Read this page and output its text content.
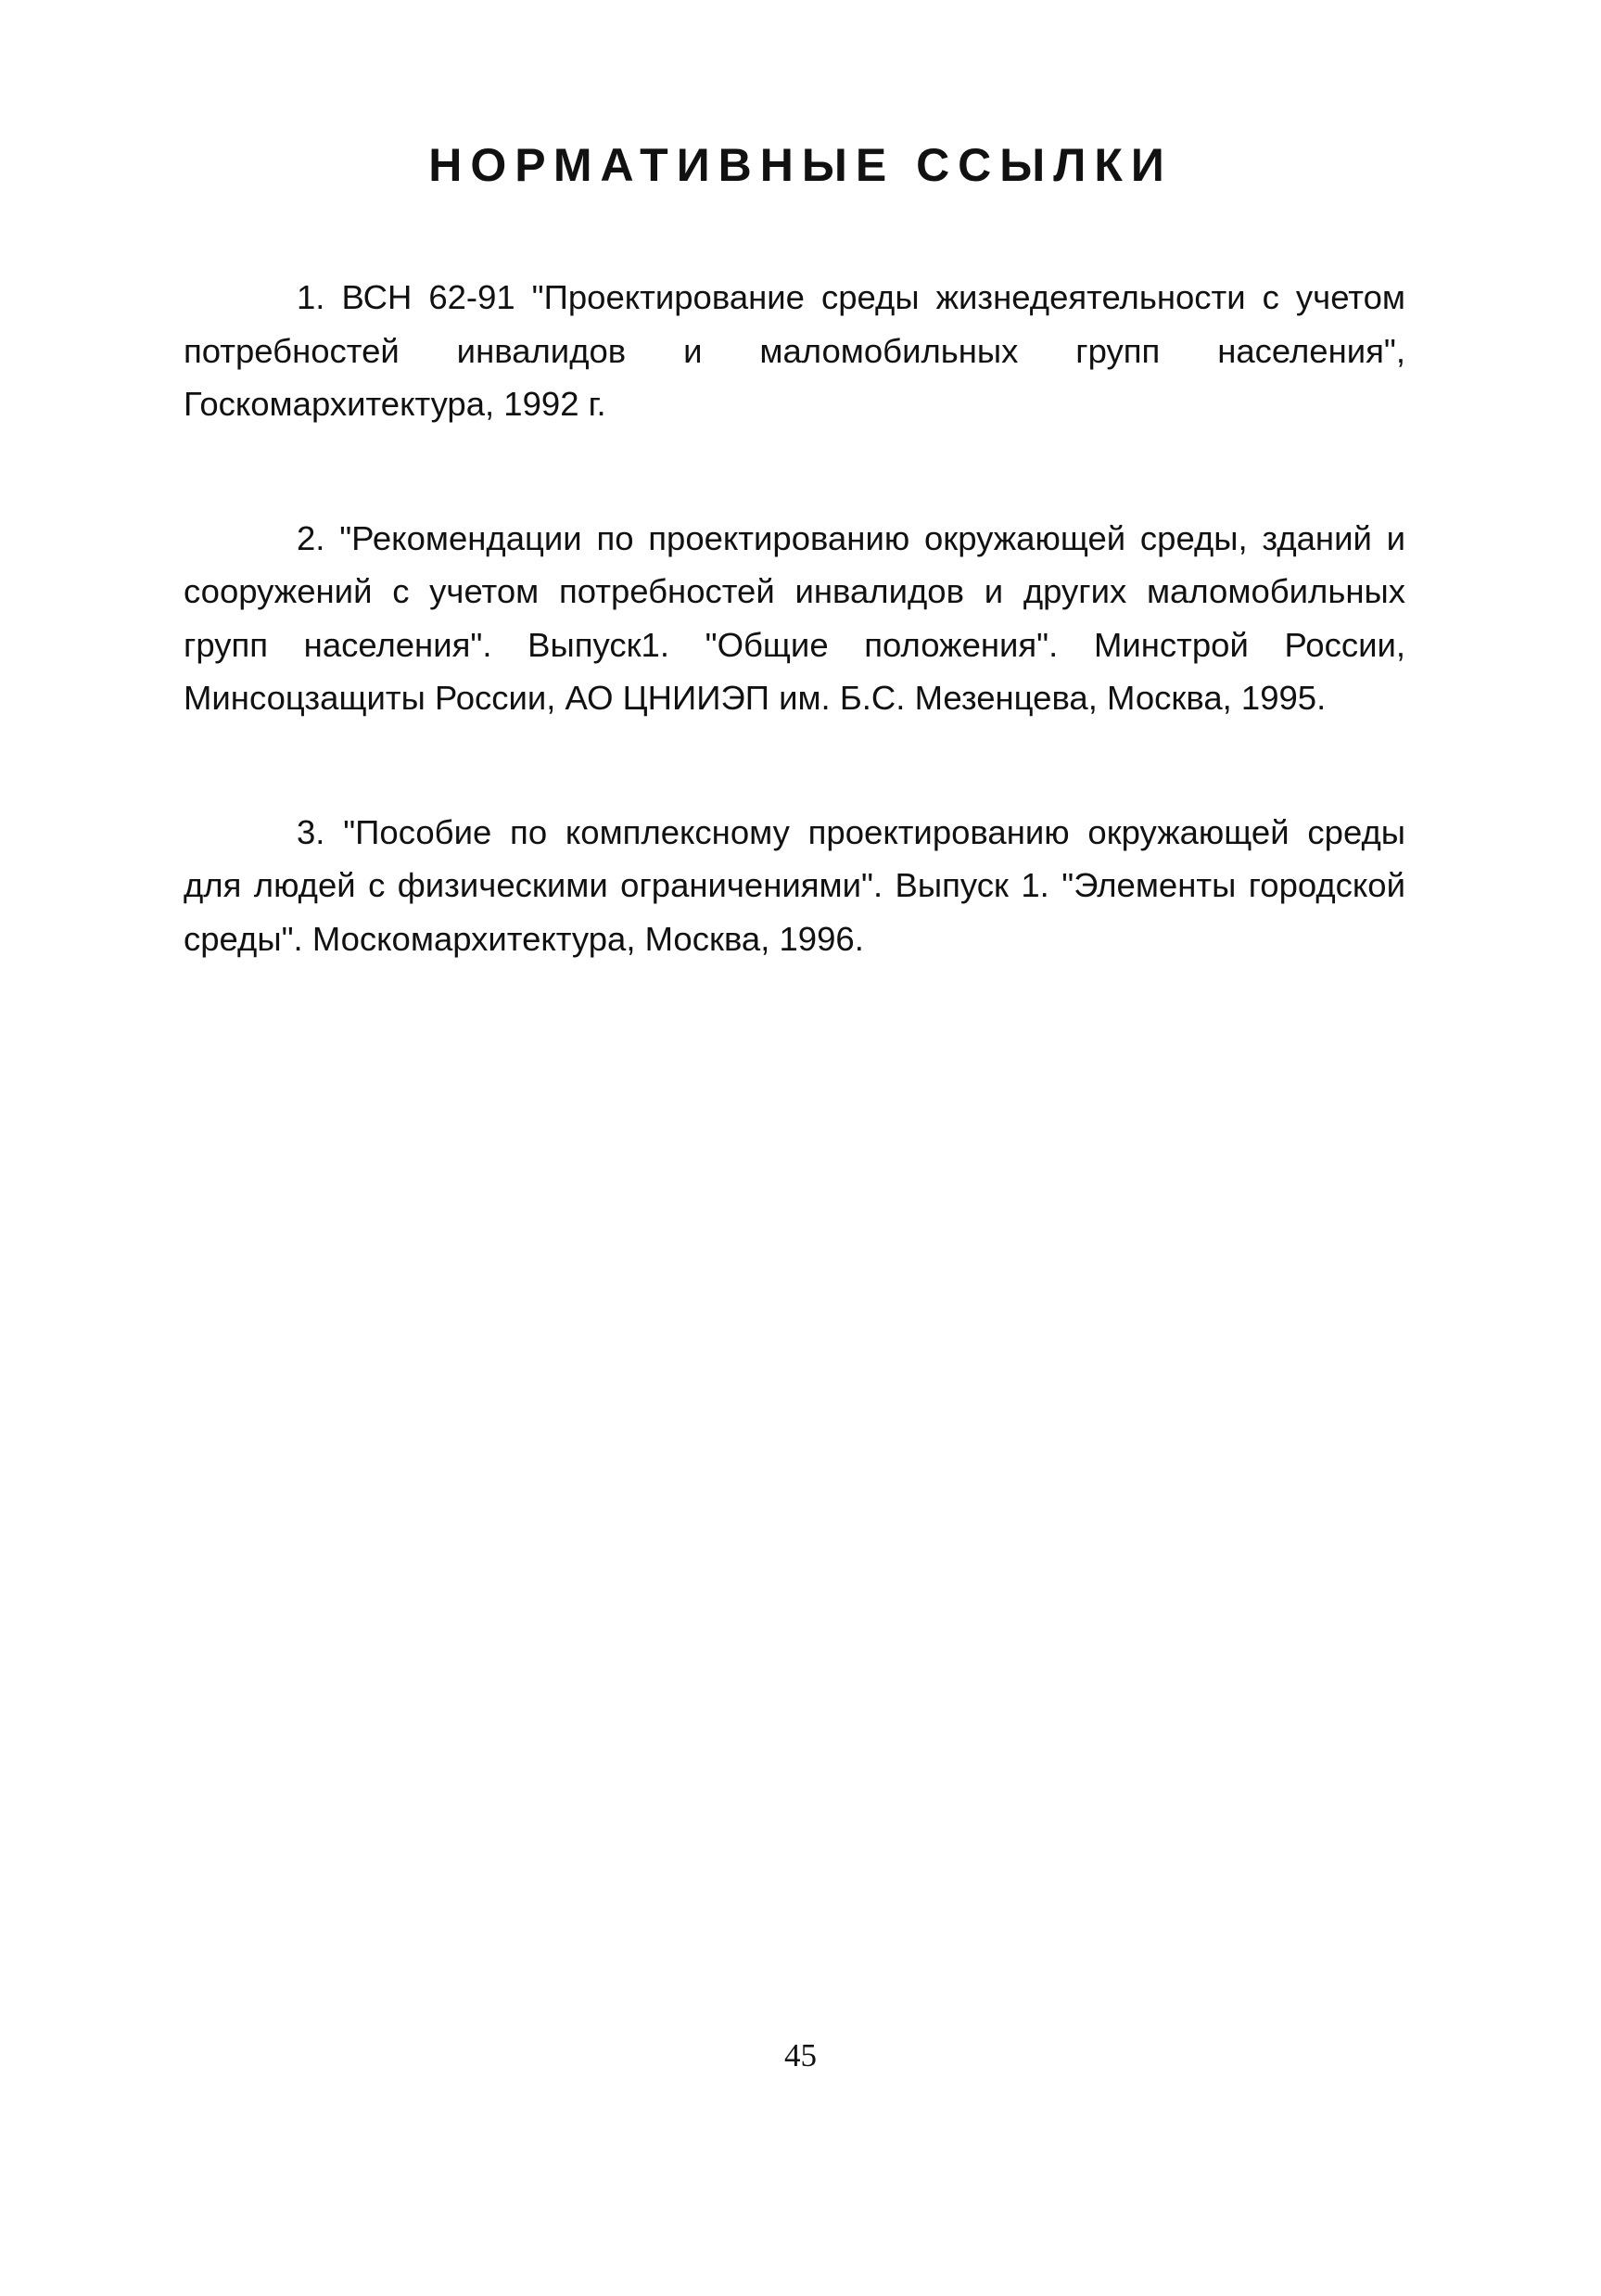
НОРМАТИВНЫЕ ССЫЛКИ

1. ВСН 62-91 "Проектирование среды жизнедеятельности с учетом потребностей инвалидов и маломобильных групп населения", Госкомархитектура, 1992 г.

2. "Рекомендации по проектированию окружающей среды, зданий и сооружений с учетом потребностей инвалидов и других маломобильных групп населения". Выпуск1. "Общие положения". Минстрой России, Минсоцзащиты России, АО ЦНИИЭП им. Б.С. Мезенцева, Москва, 1995.

3. "Пособие по комплексному проектированию окружающей среды для людей с физическими ограничениями". Выпуск 1. "Элементы городской среды". Москомархитектура, Москва, 1996.

45
